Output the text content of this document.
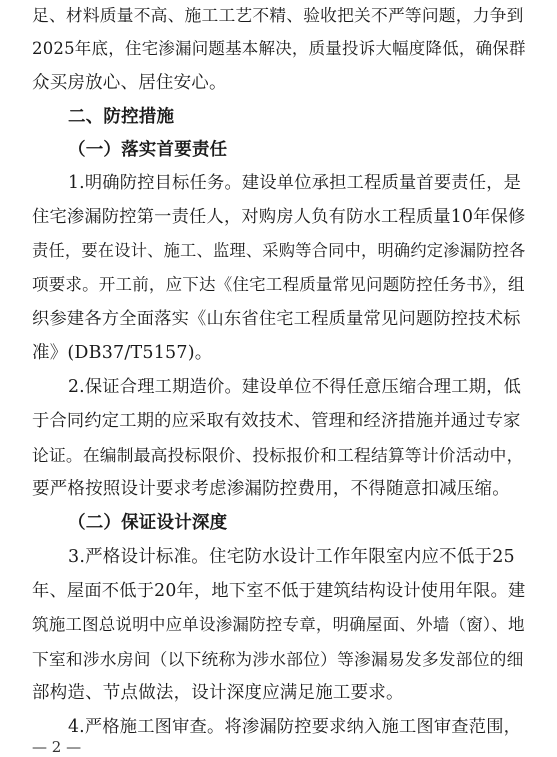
足、材料质量不高、施工工艺不精、验收把关不严等问题，力争到
2025年底，住宅渗漏问题基本解决，质量投诉大幅度降低，确保群
众买房放心、居住安心。
二、防控措施
（一）落实首要责任
1.明确防控目标任务。建设单位承担工程质量首要责任，是
住宅渗漏防控第一责任人，对购房人负有防水工程质量10年保修
责任，要在设计、施工、监理、采购等合同中，明确约定渗漏防控各
项要求。开工前，应下达《住宅工程质量常见问题防控任务书》，组
织参建各方全面落实《山东省住宅工程质量常见问题防控技术标
准》(DB37/T5157)。
2.保证合理工期造价。建设单位不得任意压缩合理工期，低
于合同约定工期的应采取有效技术、管理和经济措施并通过专家
论证。在编制最高投标限价、投标报价和工程结算等计价活动中，
要严格按照设计要求考虑渗漏防控费用，不得随意扣减压缩。
（二）保证设计深度
3.严格设计标准。住宅防水设计工作年限室内应不低于25
年、屋面不低于20年，地下室不低于建筑结构设计使用年限。建
筑施工图总说明中应单设渗漏防控专章，明确屋面、外墙（窗）、地
下室和涉水房间（以下统称为涉水部位）等渗漏易发多发部位的细
部构造、节点做法，设计深度应满足施工要求。
4.严格施工图审查。将渗漏防控要求纳入施工图审查范围，
— 2 —
